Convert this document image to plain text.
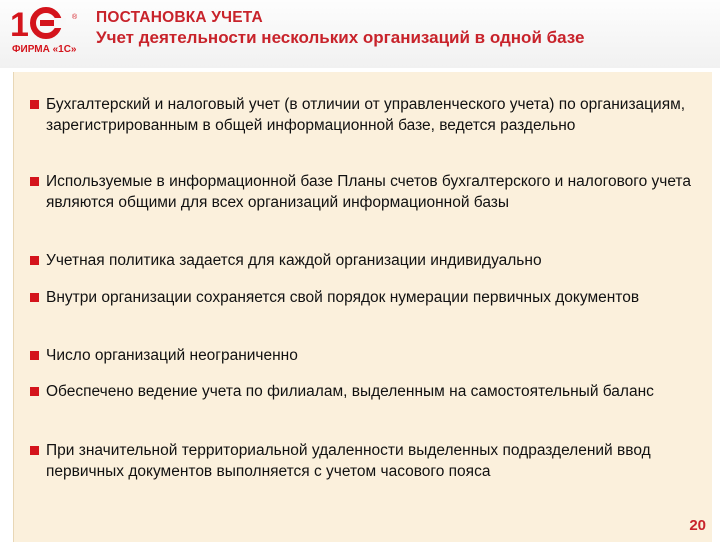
1	®
ФИРМА «1С»
ПОСТАНОВКА УЧЕТА
Учет деятельности нескольких организаций в одной базе
Бухгалтерский и налоговый учет (в отличии от управленческого учета) по организациям, зарегистрированным в общей информационной базе, ведется раздельно
Используемые в информационной базе Планы счетов бухгалтерского и налогового учета являются общими для всех организаций информационной базы
Учетная политика задается для каждой организации индивидуально
Внутри организации сохраняется свой порядок нумерации первичных документов
Число организаций неограниченно
Обеспечено ведение учета по филиалам, выделенным на самостоятельный баланс
При значительной территориальной удаленности выделенных подразделений ввод первичных документов выполняется с учетом часового пояса
20
